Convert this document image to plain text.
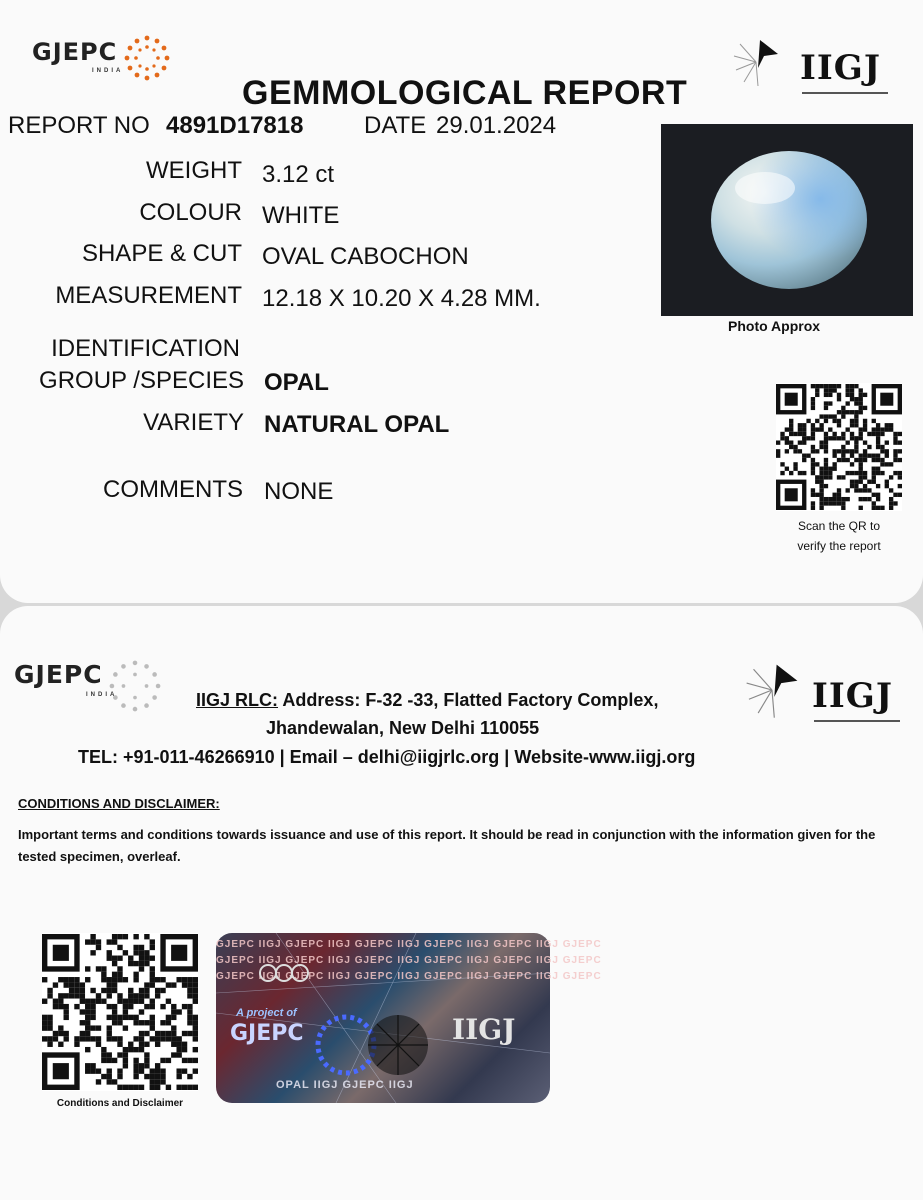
GJEPC
INDIA	IIGJ
GEMMOLOGICAL REPORT
REPORT NO 4891D17818	DATE 29.01.2024
WEIGHT 3.12 ct
COLOUR WHITE
SHAPE & CUT OVAL CABOCHON
MEASUREMENT 12.18 X 10.20 X 4.28 MM.
IDENTIFICATION
GROUP /SPECIES OPAL
VARIETY NATURAL OPAL
COMMENTS NONE
Photo Approx
Scan the QR to
verify the report
GJEPC
INDIA	IIGJ
IIGJ RLC: Address: F-32 -33, Flatted Factory Complex,
Jhandewalan, New Delhi 110055
TEL: +91-011-46266910 | Email – delhi@iigjrlc.org | Website-www.iigj.org
CONDITIONS AND DISCLAIMER:
Important terms and conditions towards issuance and use of this report. It should be read in conjunction with the information given for the tested specimen, overleaf.
Conditions and Disclaimer
GJEPC IIGJ GJEPC IIGJ GJEPC IIGJ GJEPC IIGJ GJEPC IIGJ GJEPC
GJEPC IIGJ GJEPC IIGJ GJEPC IIGJ GJEPC IIGJ GJEPC IIGJ GJEPC
GJEPC IIGJ GJEPC IIGJ GJEPC IIGJ GJEPC IIGJ GJEPC IIGJ GJEPC
A project of
GJEPC	IIGJ
OPAL IIGJ GJEPC IIGJ
